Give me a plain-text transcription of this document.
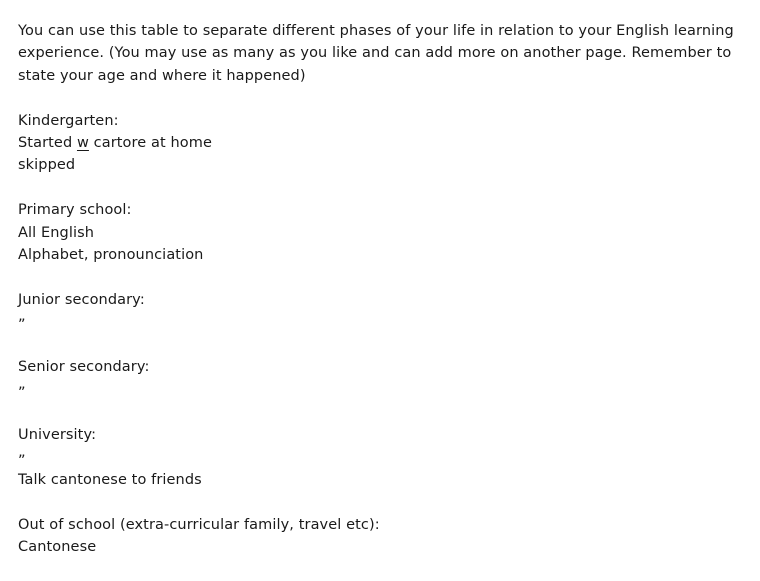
You can use this table to separate different phases of your life in relation to your English learning
experience. (You may use as many as you like and can add more on another page. Remember to
state your age and where it happened)
Kindergarten:
Started w cartore at home
skipped
Primary school:
All English
Alphabet, pronounciation
Junior secondary:
”
Senior secondary:
”
University:
”
Talk cantonese to friends
Out of school (extra-curricular family, travel etc):
Cantonese
